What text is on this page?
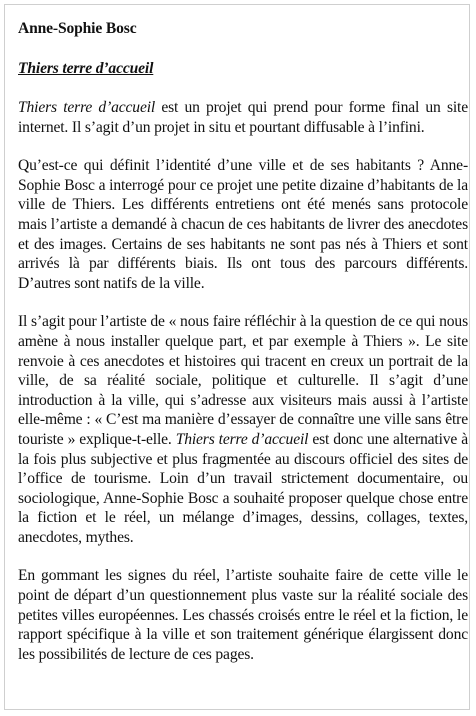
Anne-Sophie Bosc
Thiers terre d’accueil

Thiers terre d’accueil est un projet qui prend pour forme final un site internet. Il s’agit d’un projet in situ et pourtant diffusable à l’infini.

Qu’est-ce qui définit l’identité d’une ville et de ses habitants ? Anne-Sophie Bosc a interrogé pour ce projet une petite dizaine d’habitants de la ville de Thiers. Les différents entretiens ont été menés sans protocole mais l’artiste a demandé à chacun de ces habitants de livrer des anecdotes et des images. Certains de ses habitants ne sont pas nés à Thiers et sont arrivés là par différents biais. Ils ont tous des parcours différents. D’autres sont natifs de la ville.

Il s’agit pour l’artiste de « nous faire réfléchir à la question de ce qui nous amène à nous installer quelque part, et par exemple à Thiers ». Le site renvoie à ces anecdotes et histoires qui tracent en creux un portrait de la ville, de sa réalité sociale, politique et culturelle. Il s’agit d’une introduction à la ville, qui s’adresse aux visiteurs mais aussi à l’artiste elle-même : « C’est ma manière d’essayer de connaître une ville sans être touriste » explique-t-elle. Thiers terre d’accueil est donc une alternative à la fois plus subjective et plus fragmentée au discours officiel des sites de l’office de tourisme. Loin d’un travail strictement documentaire, ou sociologique, Anne-Sophie Bosc a souhaité proposer quelque chose entre la fiction et le réel, un mélange d’images, dessins, collages, textes, anecdotes, mythes.

En gommant les signes du réel, l’artiste souhaite faire de cette ville le point de départ d’un questionnement plus vaste sur la réalité sociale des petites villes européennes. Les chassés croisés entre le réel et la fiction, le rapport spécifique à la ville et son traitement générique élargissent donc les possibilités de lecture de ces pages.
